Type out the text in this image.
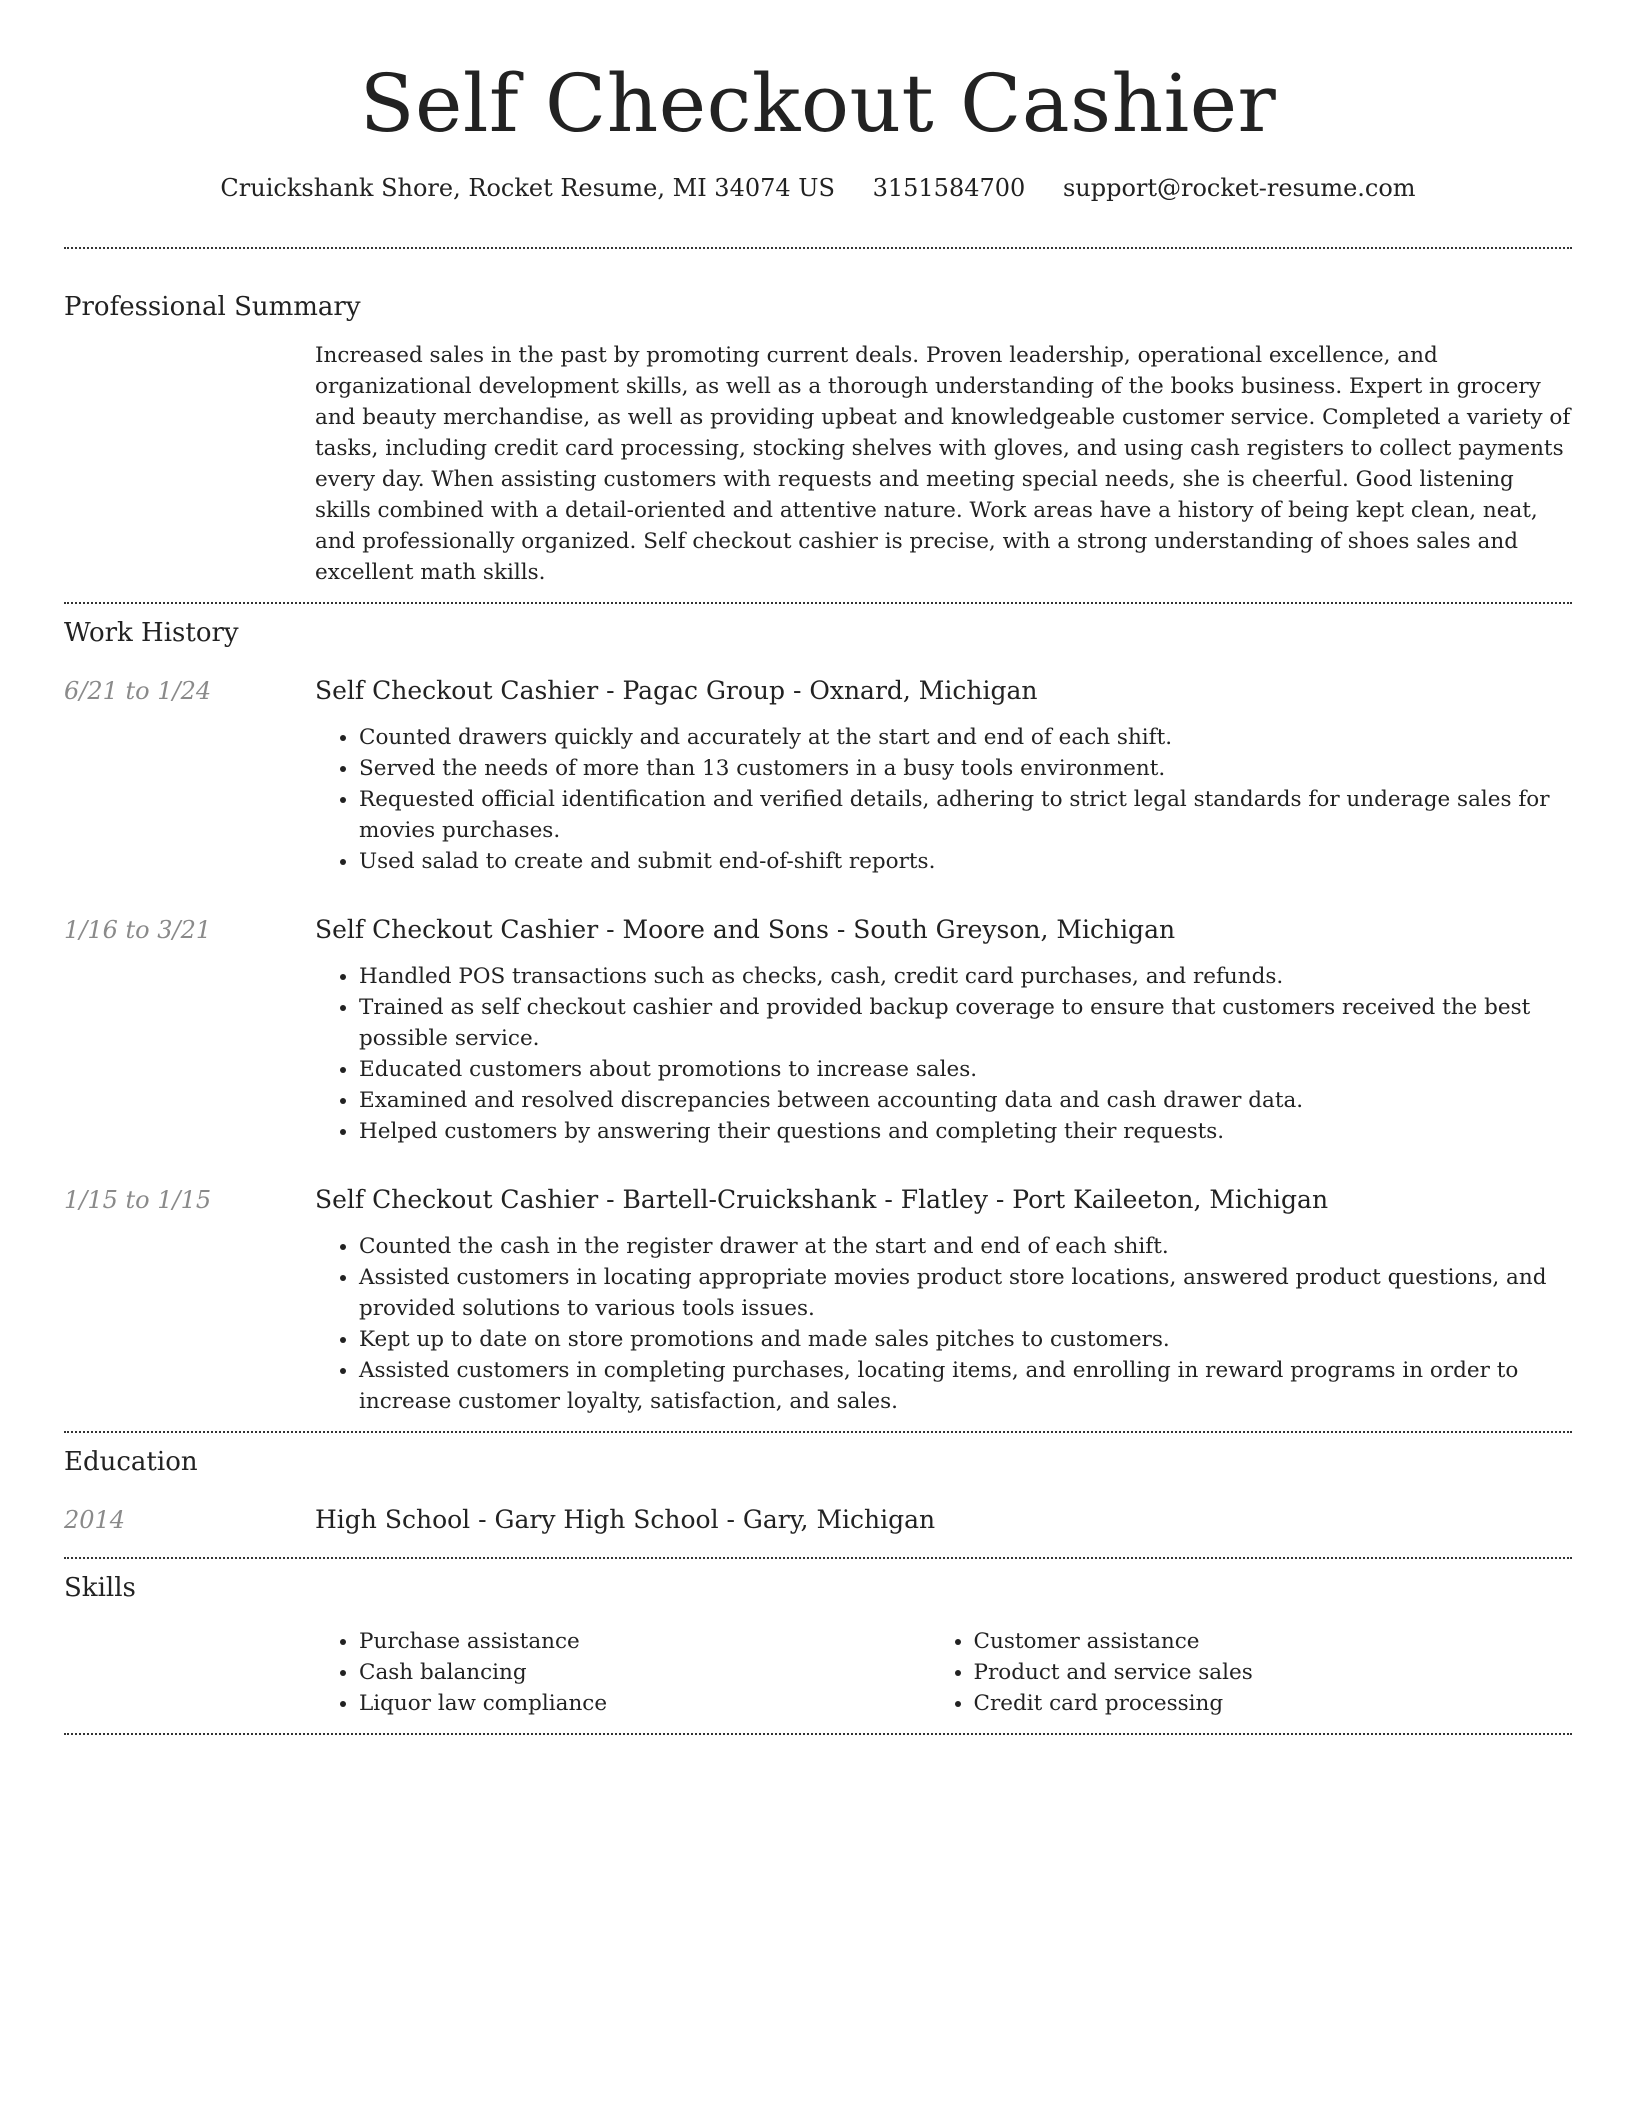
Self Checkout Cashier
Cruickshank Shore, Rocket Resume, MI 34074 US 3151584700 support@rocket-resume.com
Professional Summary

Increased sales in the past by promoting current deals. Proven leadership, operational excellence, and organizational development skills, as well as a thorough understanding of the books business. Expert in grocery and beauty merchandise, as well as providing upbeat and knowledgeable customer service. Completed a variety of tasks, including credit card processing, stocking shelves with gloves, and using cash registers to collect payments every day. When assisting customers with requests and meeting special needs, she is cheerful. Good listening skills combined with a detail-oriented and attentive nature. Work areas have a history of being kept clean, neat, and professionally organized. Self checkout cashier is precise, with a strong understanding of shoes sales and excellent math skills.

Work History
6/21 to 1/24	Self Checkout Cashier - Pagac Group - Oxnard, Michigan
• Counted drawers quickly and accurately at the start and end of each shift.
• Served the needs of more than 13 customers in a busy tools environment.
• Requested official identification and verified details, adhering to strict legal standards for underage sales for movies purchases.
• Used salad to create and submit end-of-shift reports.
1/16 to 3/21	Self Checkout Cashier - Moore and Sons - South Greyson, Michigan
• Handled POS transactions such as checks, cash, credit card purchases, and refunds.
• Trained as self checkout cashier and provided backup coverage to ensure that customers received the best possible service.
• Educated customers about promotions to increase sales.
• Examined and resolved discrepancies between accounting data and cash drawer data.
• Helped customers by answering their questions and completing their requests.
1/15 to 1/15	Self Checkout Cashier - Bartell-Cruickshank - Flatley - Port Kaileeton, Michigan
• Counted the cash in the register drawer at the start and end of each shift.
• Assisted customers in locating appropriate movies product store locations, answered product questions, and provided solutions to various tools issues.
• Kept up to date on store promotions and made sales pitches to customers.
• Assisted customers in completing purchases, locating items, and enrolling in reward programs in order to increase customer loyalty, satisfaction, and sales.
Education
2014	High School - Gary High School - Gary, Michigan
Skills
• Purchase assistance
• Cash balancing
• Liquor law compliance
• Customer assistance
• Product and service sales
• Credit card processing
